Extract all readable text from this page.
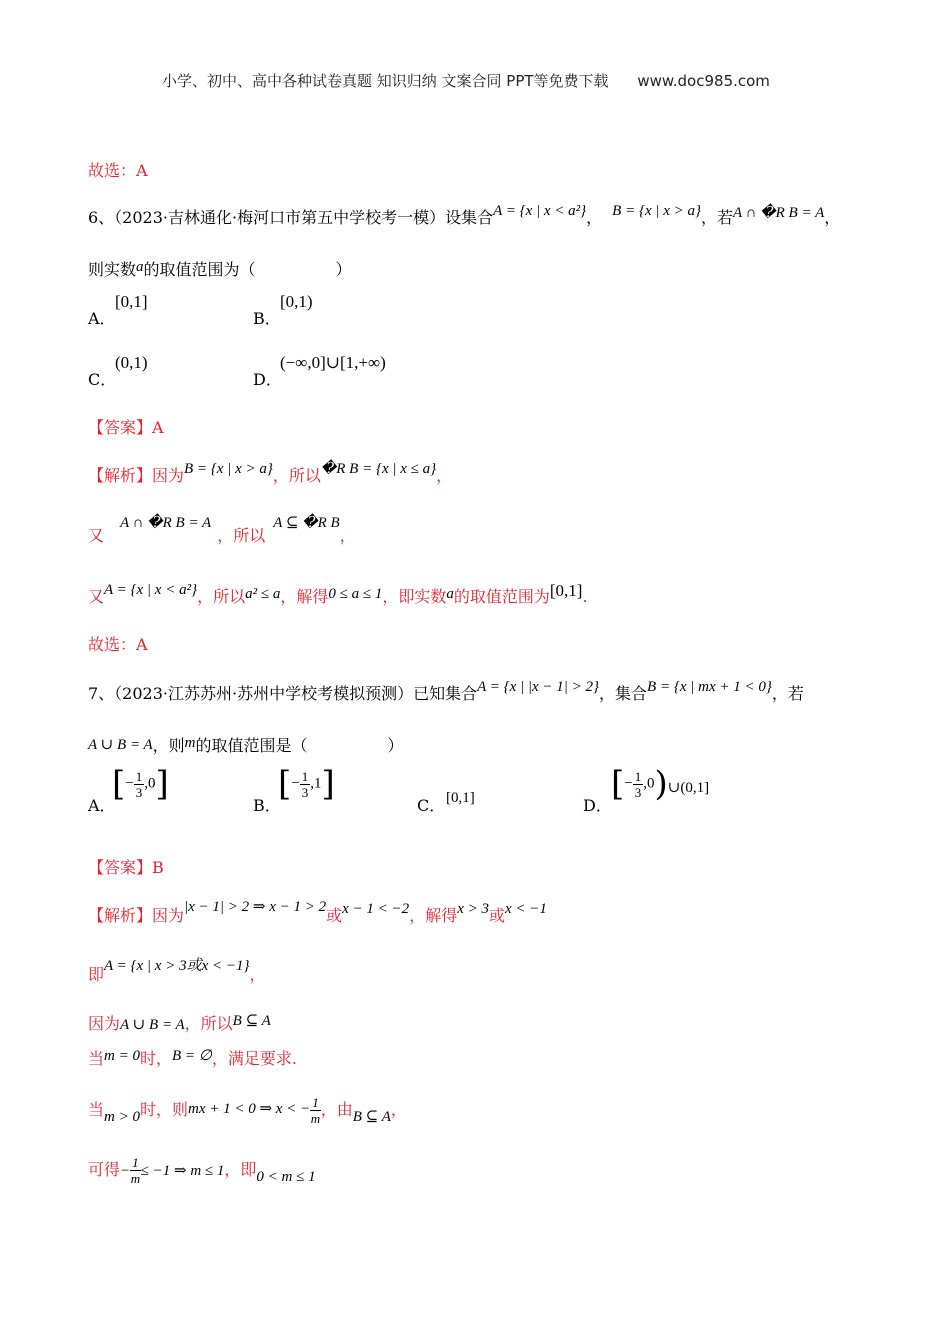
小学、初中、高中各种试卷真题 知识归纳 文案合同 PPT等免费下载 www.doc985.com
故选：A
6、（2023·吉林通化·梅河口市第五中学校考一模）设集合A = {x | x < a²}， B = {x | x > a}，若A ∩ �R B = A，
则实数a的取值范围为（　　　　　）
A．
[0,1]
B．
[0,1)
C．
(0,1)
D．
(−∞,0]∪[1,+∞)
【答案】A
【解析】因为B = {x | x > a}，所以�R B = {x | x ≤ a}，
又A ∩ �R B = A，所以A ⊆ �R B，
又A = {x | x < a²}，所以a² ≤ a，解得0 ≤ a ≤ 1，即实数a的取值范围为[0,1].
故选：A
7、（2023·江苏苏州·苏州中学校考模拟预测）已知集合A = {x | |x − 1| > 2}，集合B = {x | mx + 1 < 0}，若
A ∪ B = A，则m的取值范围是（　　　　　）
A．
[− $\frac{1}{3} ,0$]
B．
[− $\frac{1}{3} ,1$]
C． [0,1]	D．
[− $\frac{1}{3}$ ,0)∪(0,1]
【答案】B
【解析】因为|x − 1| > 2 ⇒ x − 1 > 2或x − 1 < −2，解得x > 3或x < −1
即A = {x | x > 3或x < −1}，
因为A ∪ B = A，所以B ⊆ A
当m = 0时，B = ∅，满足要求.
当m > 0时，则mx + 1 < 0 ⇒ x < − $\frac{1}{m}$ ，由B ⊆ A，
可得− $\frac{1}{m} \le -1$ ⇒ m ≤ 1，即0 < m ≤ 1
